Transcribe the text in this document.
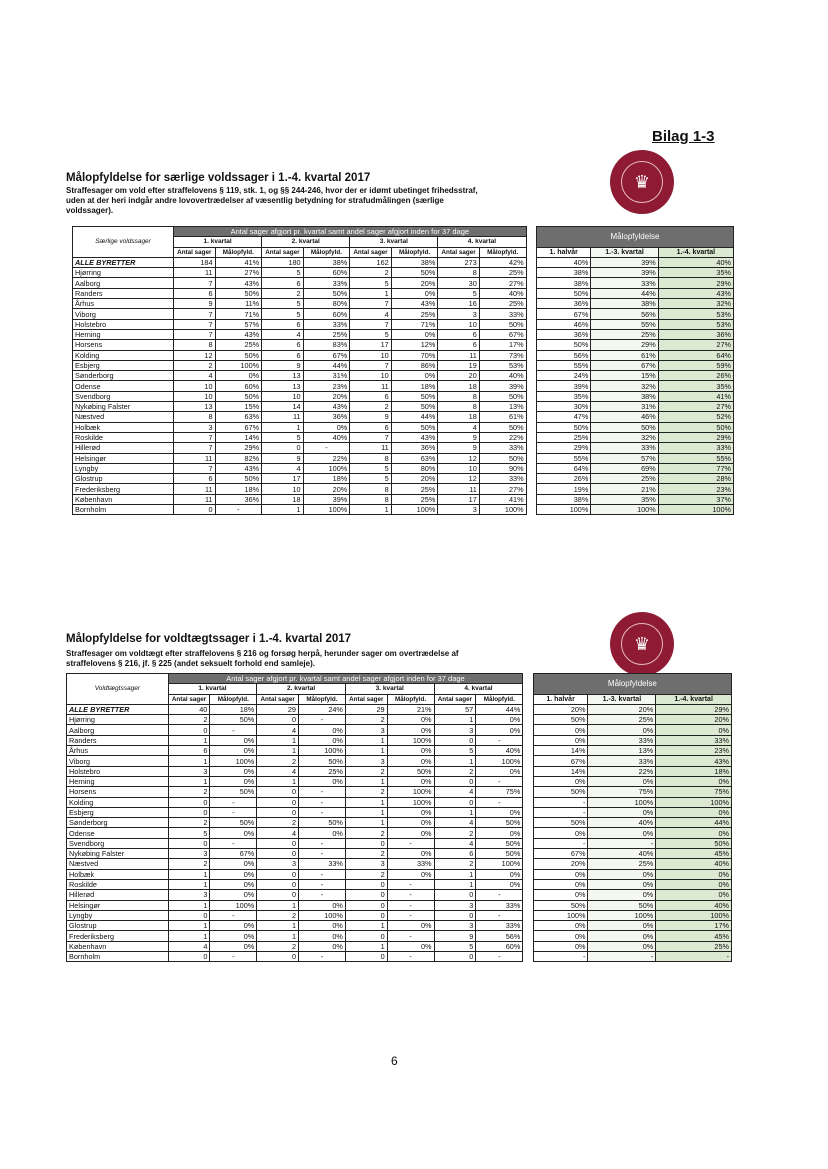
Bilag 1-3
Målopfyldelse for særlige voldssager i 1.-4. kvartal 2017
Straffesager om vold efter straffelovens § 119, stk. 1, og §§ 244-246, hvor der er idømt ubetinget frihedsstraf, uden at der heri indgår andre lovovertrædelser af væsentlig betydning for strafudmålingen (særlige voldssager).
♛
Særlige voldssager	Antal sager afgjort pr. kvartal samt andel sager afgjort inden for 37 dage									Målopfyldelse		
	1. kvartal		2. kvartal		3. kvartal		4. kvartal					
	Antal sager	Målopfyld.	Antal sager	Målopfyld.	Antal sager	Målopfyld.	Antal sager	Målopfyld.		1. halvår	1.-3. kvartal	1.-4. kvartal
ALLE BYRETTER	184	41%	180	38%	162	38%	273	42%		40%	39%	40%
Hjørring	11	27%	5	60%	2	50%	8	25%		38%	39%	35%
Aalborg	7	43%	6	33%	5	20%	30	27%		38%	33%	29%
Randers	6	50%	2	50%	1	0%	5	40%		50%	44%	43%
Århus	9	11%	5	80%	7	43%	16	25%		36%	38%	32%
Viborg	7	71%	5	60%	4	25%	3	33%		67%	56%	53%
Holstebro	7	57%	6	33%	7	71%	10	50%		46%	55%	53%
Herning	7	43%	4	25%	5	0%	6	67%		36%	25%	36%
Horsens	8	25%	6	83%	17	12%	6	17%		50%	29%	27%
Kolding	12	50%	6	67%	10	70%	11	73%		56%	61%	64%
Esbjerg	2	100%	9	44%	7	86%	19	53%		55%	67%	59%
Sønderborg	4	0%	13	31%	10	0%	20	40%		24%	15%	26%
Odense	10	60%	13	23%	11	18%	18	39%		39%	32%	35%
Svendborg	10	50%	10	20%	6	50%	8	50%		35%	38%	41%
Nykøbing Falster	13	15%	14	43%	2	50%	8	13%		30%	31%	27%
Næstved	8	63%	11	36%	9	44%	18	61%		47%	46%	52%
Holbæk	3	67%	1	0%	6	50%	4	50%		50%	50%	50%
Roskilde	7	14%	5	40%	7	43%	9	22%		25%	32%	29%
Hillerød	7	29%	0	-	11	36%	9	33%		29%	33%	33%
Helsingør	11	82%	9	22%	8	63%	12	50%		55%	57%	55%
Lyngby	7	43%	4	100%	5	80%	10	90%		64%	69%	77%
Glostrup	6	50%	17	18%	5	20%	12	33%		26%	25%	28%
Frederiksberg	11	18%	10	20%	8	25%	11	27%		19%	21%	23%
København	11	36%	18	39%	8	25%	17	41%		38%	35%	37%
Bornholm	0	-	1	100%	1	100%	3	100%		100%	100%	100%
Målopfyldelse for voldtægtssager i 1.-4. kvartal 2017
Straffesager om voldtægt efter straffelovens § 216 og forsøg herpå, herunder sager om overtrædelse af straffelovens § 216, jf. § 225 (andet seksuelt forhold end samleje).
♛
Voldtægtssager	Antal sager afgjort pr. kvartal samt andel sager afgjort inden for 37 dage									Målopfyldelse		
	1. kvartal		2. kvartal		3. kvartal		4. kvartal					
	Antal sager	Målopfyld.	Antal sager	Målopfyld.	Antal sager	Målopfyld.	Antal sager	Målopfyld.		1. halvår	1.-3. kvartal	1.-4. kvartal
ALLE BYRETTER	40	18%	29	24%	29	21%	57	44%		20%	20%	29%
Hjørring	2	50%	0	-	2	0%	1	0%		50%	25%	20%
Aalborg	0	-	4	0%	3	0%	3	0%		0%	0%	0%
Randers	1	0%	1	0%	1	100%	0	-		0%	33%	33%
Århus	6	0%	1	100%	1	0%	5	40%		14%	13%	23%
Viborg	1	100%	2	50%	3	0%	1	100%		67%	33%	43%
Holstebro	3	0%	4	25%	2	50%	2	0%		14%	22%	18%
Herning	1	0%	1	0%	1	0%	0	-		0%	0%	0%
Horsens	2	50%	0	-	2	100%	4	75%		50%	75%	75%
Kolding	0	-	0	-	1	100%	0	-		-	100%	100%
Esbjerg	0	-	0	-	1	0%	1	0%		-	0%	0%
Sønderborg	2	50%	2	50%	1	0%	4	50%		50%	40%	44%
Odense	5	0%	4	0%	2	0%	2	0%		0%	0%	0%
Svendborg	0	-	0	-	0	-	4	50%		-	-	50%
Nykøbing Falster	3	67%	0	-	2	0%	6	50%		67%	40%	45%
Næstved	2	0%	3	33%	3	33%	2	100%		20%	25%	40%
Holbæk	1	0%	0	-	2	0%	1	0%		0%	0%	0%
Roskilde	1	0%	0	-	0	-	1	0%		0%	0%	0%
Hillerød	3	0%	0	-	0	-	0	-		0%	0%	0%
Helsingør	1	100%	1	0%	0	-	3	33%		50%	50%	40%
Lyngby	0	-	2	100%	0	-	0	-		100%	100%	100%
Glostrup	1	0%	1	0%	1	0%	3	33%		0%	0%	17%
Frederiksberg	1	0%	1	0%	0	-	9	56%		0%	0%	45%
København	4	0%	2	0%	1	0%	5	60%		0%	0%	25%
Bornholm	0	-	0	-	0	-	0	-		-	-	-
6
